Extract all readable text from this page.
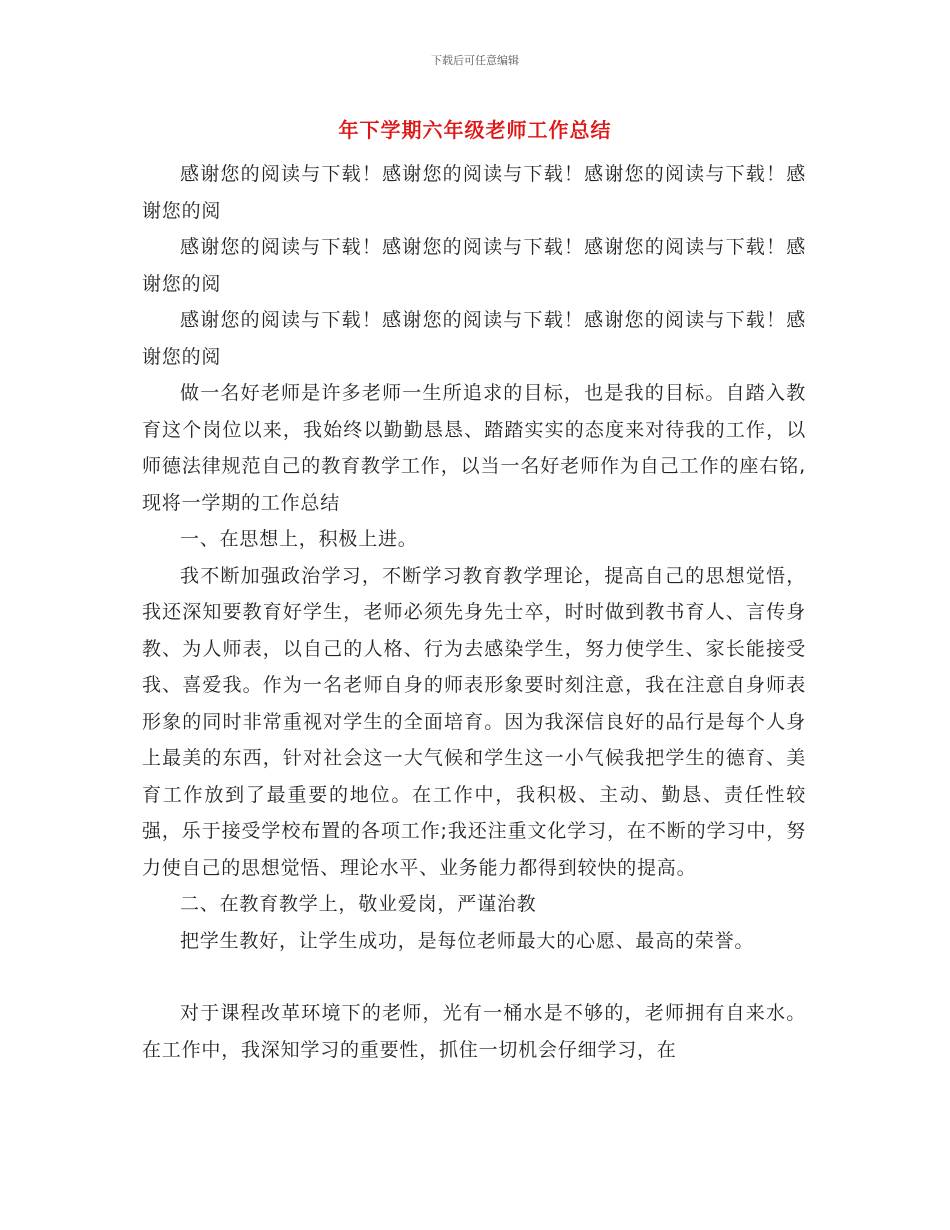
下载后可任意编辑
年下学期六年级老师工作总结

感谢您的阅读与下载！感谢您的阅读与下载！感谢您的阅读与下载！感谢您的阅

感谢您的阅读与下载！感谢您的阅读与下载！感谢您的阅读与下载！感谢您的阅

感谢您的阅读与下载！感谢您的阅读与下载！感谢您的阅读与下载！感谢您的阅

做一名好老师是许多老师一生所追求的目标，也是我的目标。自踏入教育这个岗位以来，我始终以勤勤恳恳、踏踏实实的态度来对待我的工作，以师德法律规范自己的教育教学工作，以当一名好老师作为自己工作的座右铭,现将一学期的工作总结

一、在思想上，积极上进。

我不断加强政治学习，不断学习教育教学理论，提高自己的思想觉悟，我还深知要教育好学生，老师必须先身先士卒，时时做到教书育人、言传身教、为人师表，以自己的人格、行为去感染学生，努力使学生、家长能接受我、喜爱我。作为一名老师自身的师表形象要时刻注意，我在注意自身师表形象的同时非常重视对学生的全面培育。因为我深信良好的品行是每个人身上最美的东西，针对社会这一大气候和学生这一小气候我把学生的德育、美育工作放到了最重要的地位。在工作中，我积极、主动、勤恳、责任性较强，乐于接受学校布置的各项工作;我还注重文化学习，在不断的学习中，努力使自己的思想觉悟、理论水平、业务能力都得到较快的提高。

二、在教育教学上，敬业爱岗，严谨治教

把学生教好，让学生成功，是每位老师最大的心愿、最高的荣誉。

对于课程改革环境下的老师，光有一桶水是不够的，老师拥有自来水。在工作中，我深知学习的重要性，抓住一切机会仔细学习，在
